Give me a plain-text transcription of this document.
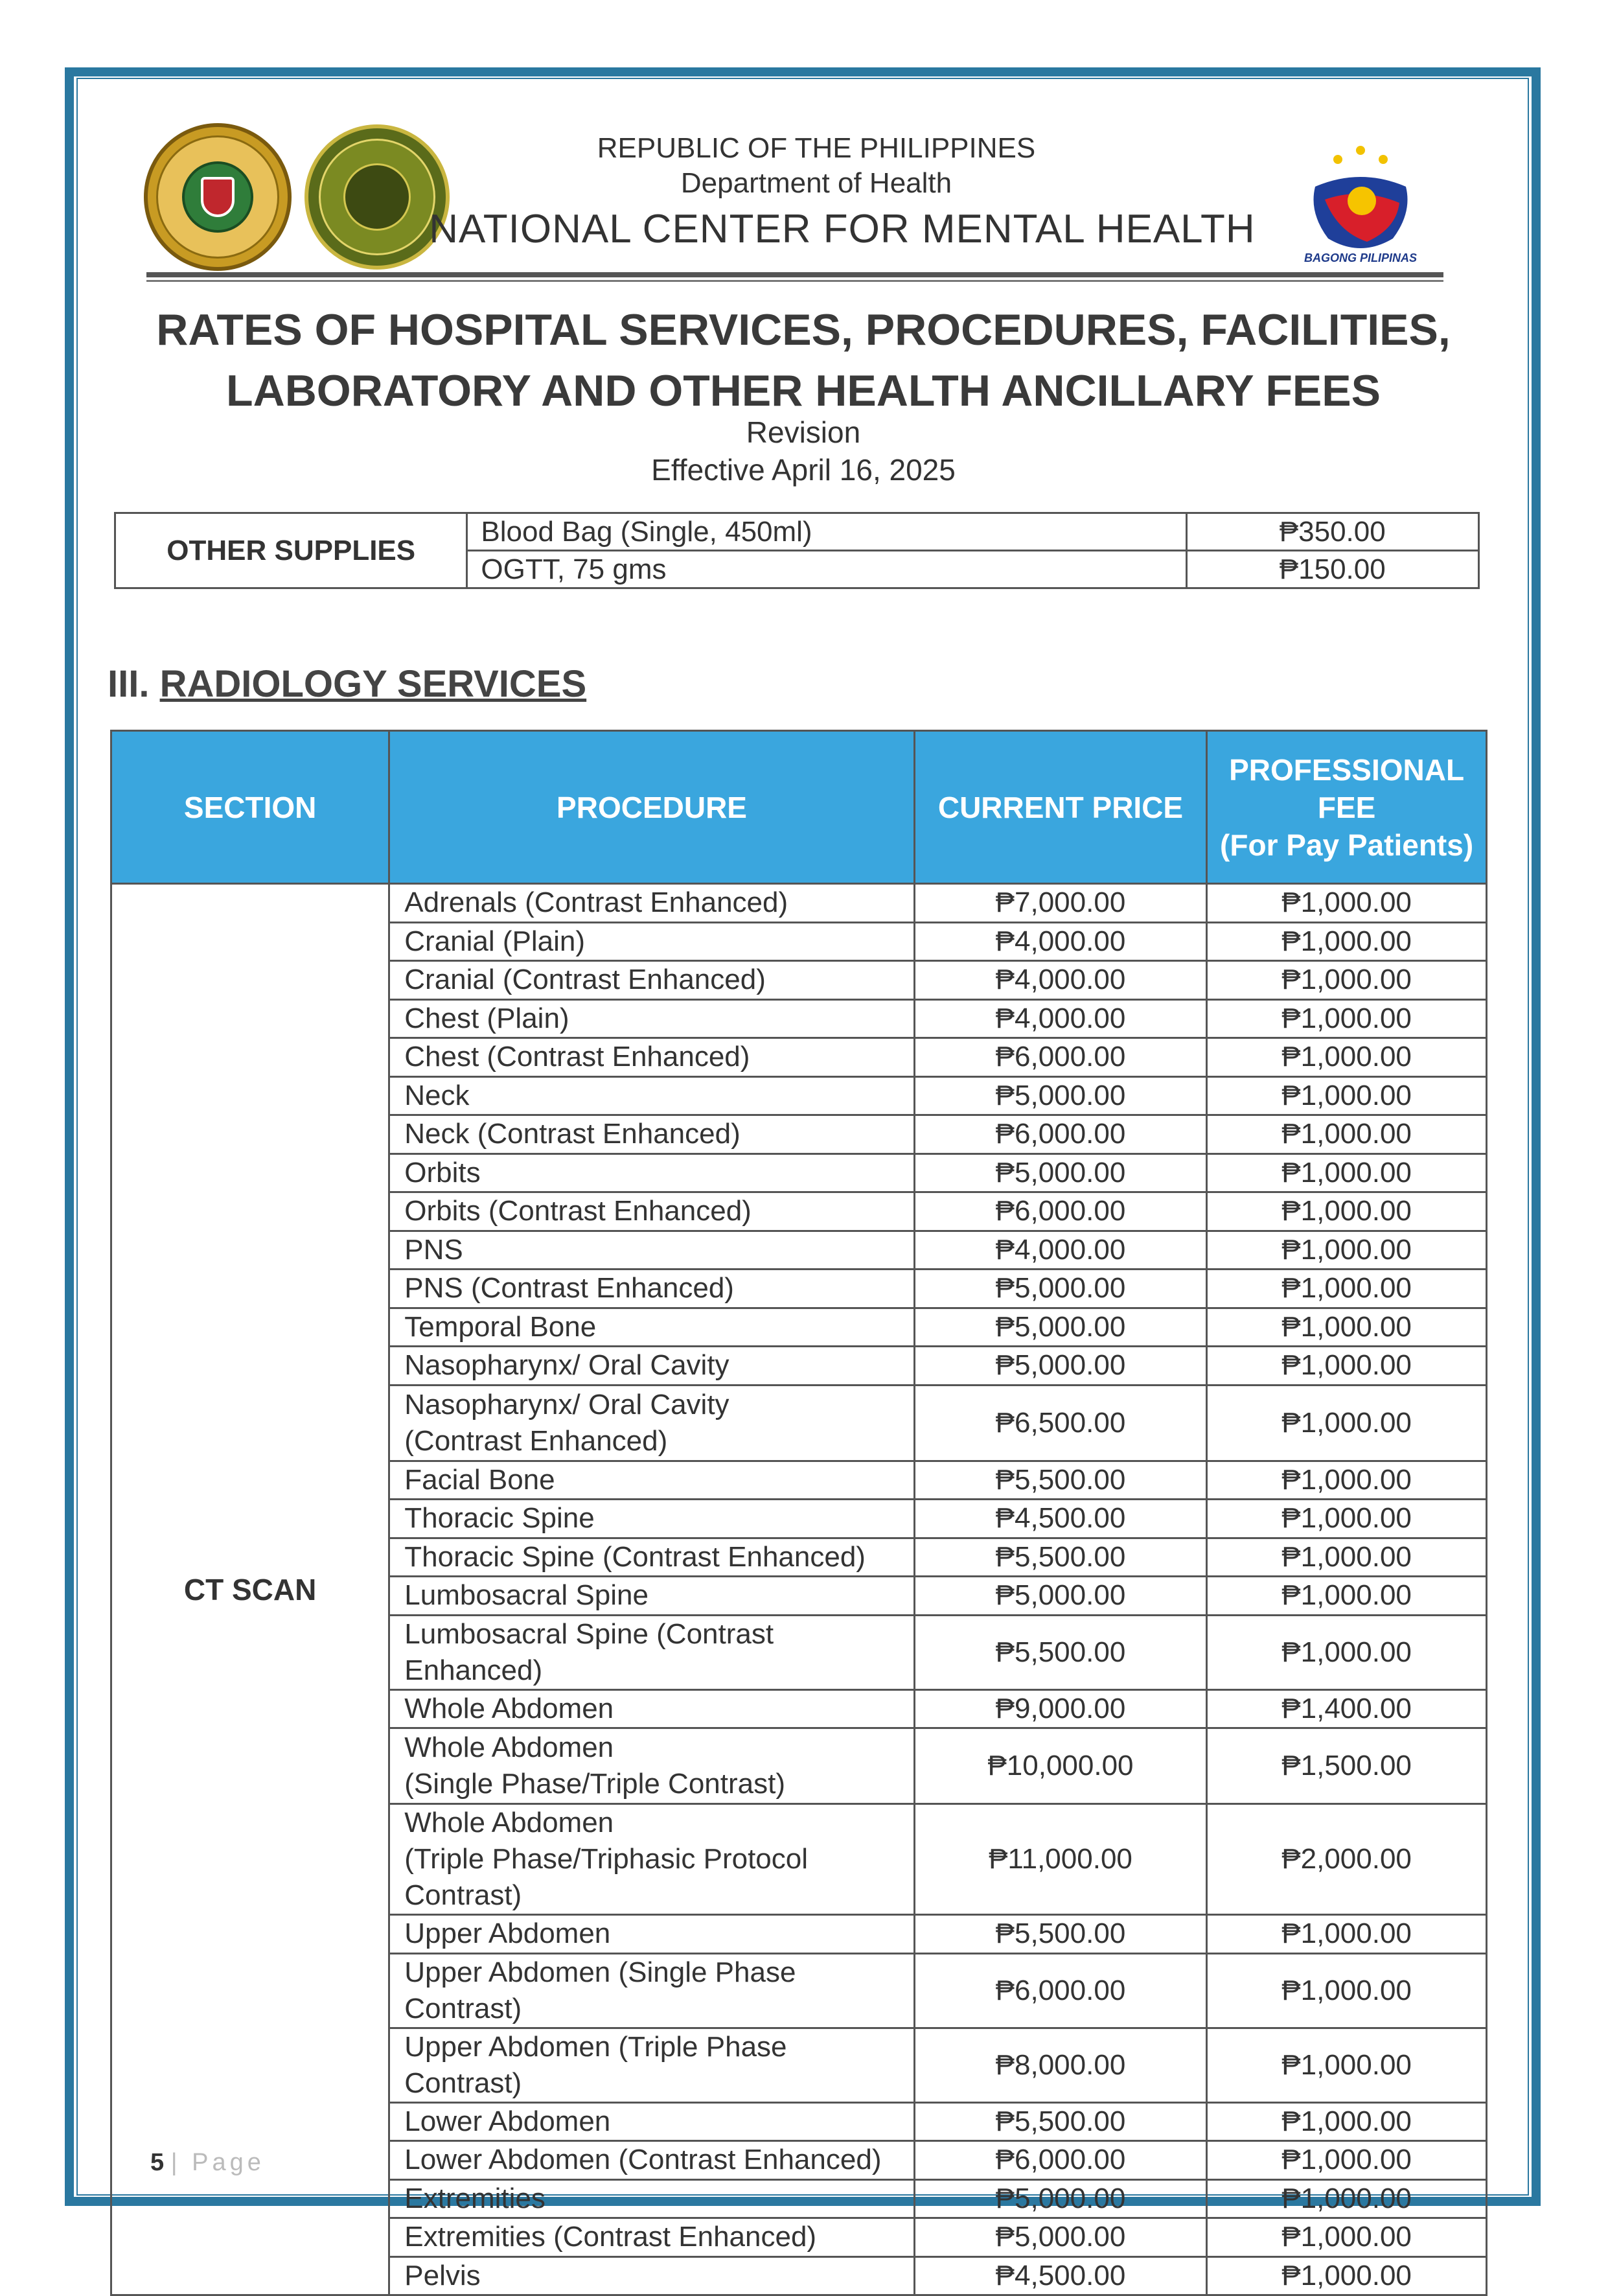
BAGONG PILIPINAS
REPUBLIC OF THE PHILIPPINES
Department of Health
NATIONAL CENTER FOR MENTAL HEALTH
RATES OF HOSPITAL SERVICES, PROCEDURES, FACILITIES,
LABORATORY AND OTHER HEALTH ANCILLARY FEES
Revision
Effective April 16, 2025
OTHER SUPPLIES	Blood Bag (Single, 450ml)	₱350.00
	OGTT, 75 gms	₱150.00
III. RADIOLOGY SERVICES
SECTION	PROCEDURE	CURRENT PRICE	PROFESSIONAL
FEE
(For Pay Patients)

CT SCAN	Adrenals (Contrast Enhanced)	₱7,000.00	₱1,000.00

	Cranial (Plain)	₱4,000.00	₱1,000.00

	Cranial (Contrast Enhanced)	₱4,000.00	₱1,000.00

	Chest (Plain)	₱4,000.00	₱1,000.00

	Chest (Contrast Enhanced)	₱6,000.00	₱1,000.00

	Neck	₱5,000.00	₱1,000.00

	Neck (Contrast Enhanced)	₱6,000.00	₱1,000.00

	Orbits	₱5,000.00	₱1,000.00

	Orbits (Contrast Enhanced)	₱6,000.00	₱1,000.00

	PNS	₱4,000.00	₱1,000.00

	PNS (Contrast Enhanced)	₱5,000.00	₱1,000.00

	Temporal Bone	₱5,000.00	₱1,000.00

	Nasopharynx/ Oral Cavity	₱5,000.00	₱1,000.00

	Nasopharynx/ Oral Cavity
(Contrast Enhanced)	₱6,500.00	₱1,000.00

	Facial Bone	₱5,500.00	₱1,000.00

	Thoracic Spine	₱4,500.00	₱1,000.00

	Thoracic Spine (Contrast Enhanced)	₱5,500.00	₱1,000.00

	Lumbosacral Spine	₱5,000.00	₱1,000.00

	Lumbosacral Spine (Contrast Enhanced)	₱5,500.00	₱1,000.00

	Whole Abdomen	₱9,000.00	₱1,400.00

	Whole Abdomen
(Single Phase/Triple Contrast)	₱10,000.00	₱1,500.00

	Whole Abdomen
(Triple Phase/Triphasic Protocol Contrast)	₱11,000.00	₱2,000.00

	Upper Abdomen	₱5,500.00	₱1,000.00

	Upper Abdomen (Single Phase Contrast)	₱6,000.00	₱1,000.00

	Upper Abdomen (Triple Phase Contrast)	₱8,000.00	₱1,000.00

	Lower Abdomen	₱5,500.00	₱1,000.00

	Lower Abdomen (Contrast Enhanced)	₱6,000.00	₱1,000.00

	Extremities	₱5,000.00	₱1,000.00

	Extremities (Contrast Enhanced)	₱5,000.00	₱1,000.00

	Pelvis	₱4,500.00	₱1,000.00
5 | Page
